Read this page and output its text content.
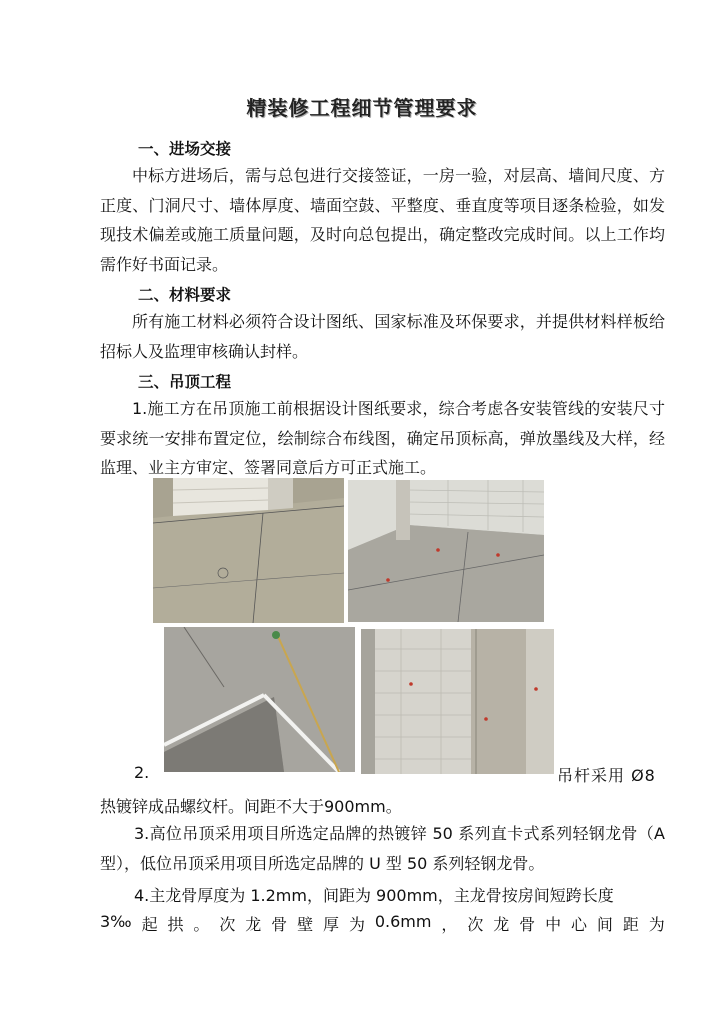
精装修工程细节管理要求
一、进场交接

中标方进场后，需与总包进行交接签证，一房一验，对层高、墙间尺度、方正度、门洞尺寸、墙体厚度、墙面空鼓、平整度、垂直度等项目逐条检验，如发现技术偏差或施工质量问题，及时向总包提出，确定整改完成时间。以上工作均需作好书面记录。

二、材料要求

所有施工材料必须符合设计图纸、国家标准及环保要求，并提供材料样板给招标人及监理审核确认封样。

三、吊顶工程

1.施工方在吊顶施工前根据设计图纸要求，综合考虑各安装管线的安装尺寸要求统一安排布置定位，绘制综合布线图，确定吊顶标高，弹放墨线及大样，经监理、业主方审定、签署同意后方可正式施工。

2.	吊杆采用 Ø8
热镀锌成品螺纹杆。间距不大于900mm。

3.高位吊顶采用项目所选定品牌的热镀锌 50 系列直卡式系列轻钢龙骨（A 型），低位吊顶采用项目所选定品牌的 U 型 50 系列轻钢龙骨。

4.主龙骨厚度为 1.2mm，间距为 900mm，主龙骨按房间短跨长度
3‰ 起 拱 。 次 龙 骨 壁 厚 为 0.6mm ， 次 龙 骨 中 心 间 距 为
